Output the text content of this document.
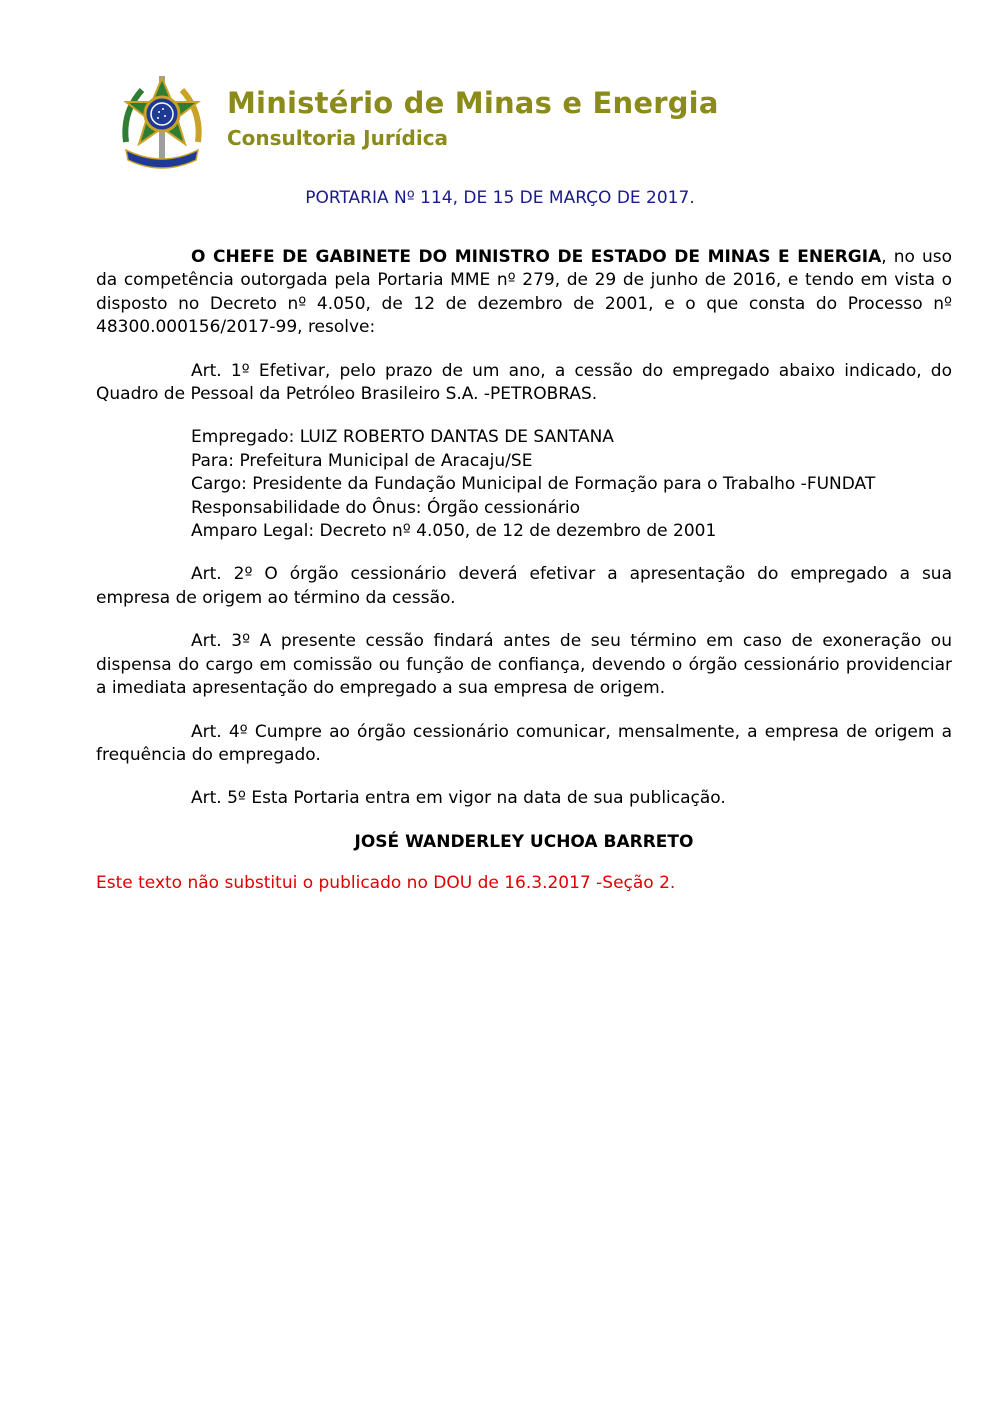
Ministério de Minas e Energia
Consultoria Jurídica
PORTARIA Nº 114, DE 15 DE MARÇO DE 2017.

O CHEFE DE GABINETE DO MINISTRO DE ESTADO DE MINAS E ENERGIA, no uso da competência outorgada pela Portaria MME nº 279, de 29 de junho de 2016, e tendo em vista o disposto no Decreto nº 4.050, de 12 de dezembro de 2001, e o que consta do Processo nº 48300.000156/2017-99, resolve:

Art. 1º Efetivar, pelo prazo de um ano, a cessão do empregado abaixo indicado, do Quadro de Pessoal da Petróleo Brasileiro S.A. -PETROBRAS.

Empregado: LUIZ ROBERTO DANTAS DE SANTANA
Para: Prefeitura Municipal de Aracaju/SE
Cargo: Presidente da Fundação Municipal de Formação para o Trabalho -FUNDAT
Responsabilidade do Ônus: Órgão cessionário
Amparo Legal: Decreto nº 4.050, de 12 de dezembro de 2001

Art. 2º O órgão cessionário deverá efetivar a apresentação do empregado a sua empresa de origem ao término da cessão.

Art. 3º A presente cessão findará antes de seu término em caso de exoneração ou dispensa do cargo em comissão ou função de confiança, devendo o órgão cessionário providenciar a imediata apresentação do empregado a sua empresa de origem.

Art. 4º Cumpre ao órgão cessionário comunicar, mensalmente, a empresa de origem a frequência do empregado.

Art. 5º Esta Portaria entra em vigor na data de sua publicação.

JOSÉ WANDERLEY UCHOA BARRETO

Este texto não substitui o publicado no DOU de 16.3.2017 -Seção 2.
